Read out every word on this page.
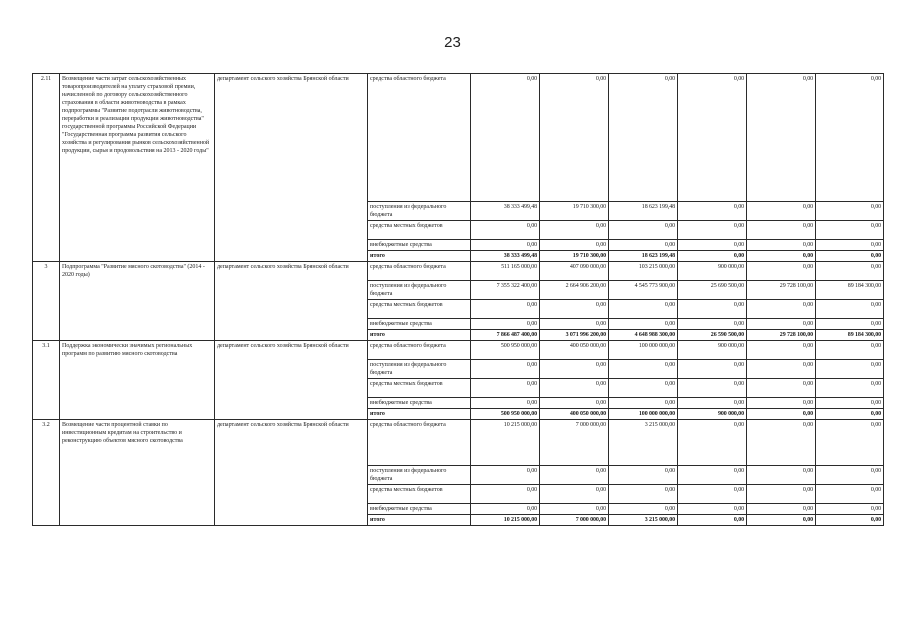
23
2.11	Возмещение части затрат сельскохозяйственных товаропроизводителей на уплату страховой премии, начисленной по договору сельскохозяйственного страхования в области животноводства в рамках подпрограммы "Развитие подотрасли животноводства, переработки и реализации продукции животноводства" государственной программы Российской Федерации "Государственная программа развития сельского хозяйства и регулирования рынков сельскохозяйственной продукции, сырья и продовольствия на 2013 - 2020 годы"	департамент сельского хозяйства Брянской области	средства областного бюджета	0,00	0,00	0,00	0,00	0,00	0,00
			поступления из федерального бюджета	38 333 499,48	19 710 300,00	18 623 199,48	0,00	0,00	0,00
			средства местных бюджетов	0,00	0,00	0,00	0,00	0,00	0,00
			внебюджетные средства	0,00	0,00	0,00	0,00	0,00	0,00
			итого	38 333 499,48	19 710 300,00	18 623 199,48	0,00	0,00	0,00
3	Подпрограмма "Развитие мясного скотоводства" (2014 - 2020 годы)	департамент сельского хозяйства Брянской области	средства областного бюджета	511 165 000,00	407 090 000,00	103 215 000,00	900 000,00	0,00	0,00
			поступления из федерального бюджета	7 355 322 400,00	2 664 906 200,00	4 545 773 900,00	25 690 500,00	29 728 100,00	89 184 300,00
			средства местных бюджетов	0,00	0,00	0,00	0,00	0,00	0,00
			внебюджетные средства	0,00	0,00	0,00	0,00	0,00	0,00
			итого	7 866 487 400,00	3 071 996 200,00	4 648 988 300,00	26 590 500,00	29 728 100,00	89 184 300,00
3.1	Поддержка экономически значимых региональных программ по развитию мясного скотоводства	департамент сельского хозяйства Брянской области	средства областного бюджета	500 950 000,00	400 050 000,00	100 000 000,00	900 000,00	0,00	0,00
			поступления из федерального бюджета	0,00	0,00	0,00	0,00	0,00	0,00
			средства местных бюджетов	0,00	0,00	0,00	0,00	0,00	0,00
			внебюджетные средства	0,00	0,00	0,00	0,00	0,00	0,00
			итого	500 950 000,00	400 050 000,00	100 000 000,00	900 000,00	0,00	0,00
3.2	Возмещение части процентной ставки по инвестиционным кредитам на строительство и реконструкцию объектов мясного скотоводства	департамент сельского хозяйства Брянской области	средства областного бюджета	10 215 000,00	7 000 000,00	3 215 000,00	0,00	0,00	0,00
			поступления из федерального бюджета	0,00	0,00	0,00	0,00	0,00	0,00
			средства местных бюджетов	0,00	0,00	0,00	0,00	0,00	0,00
			внебюджетные средства	0,00	0,00	0,00	0,00	0,00	0,00
			итого	10 215 000,00	7 000 000,00	3 215 000,00	0,00	0,00	0,00
